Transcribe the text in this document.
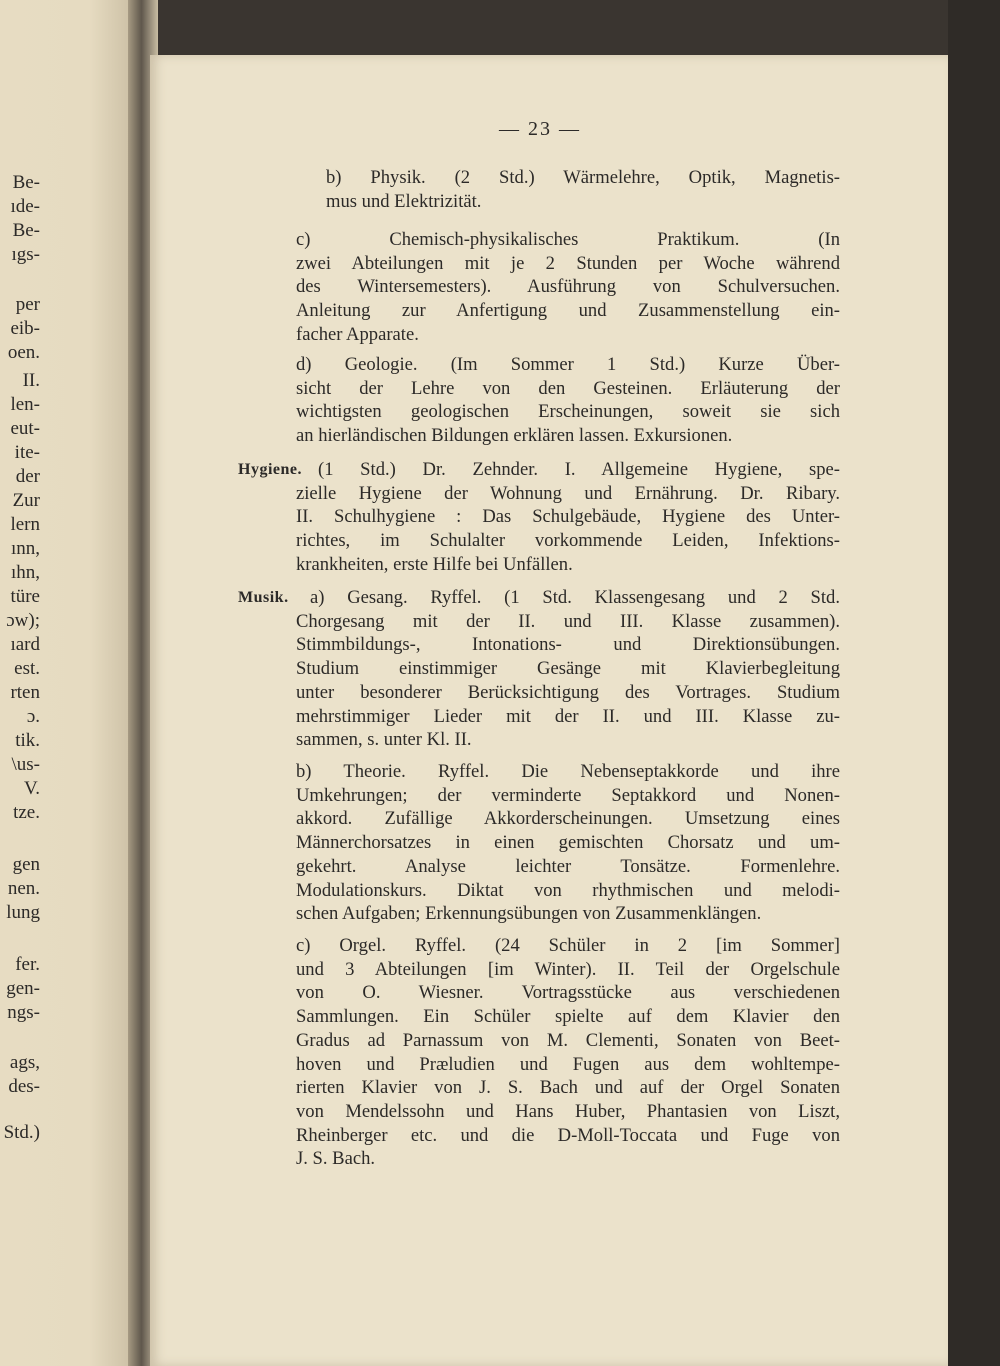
Be-
ıde-
Be-
ıgs-
per
eib-
oen.
II.
len-
eut-
ite-
der
Zur
lern
ınn,
ıhn,
türe
ɔw);
ıard
est.
rten
ɔ.
tik.
\us-
V.
tze.
gen
nen.
lung
fer.
gen-
ngs-
ags,
des-
Std.)
— 23 —
b) Physik. (2 Std.) Wärmelehre, Optik, Magnetis-
mus und Elektrizität.
c) Chemisch-physikalisches Praktikum. (In
zwei Abteilungen mit je 2 Stunden per Woche während
des Wintersemesters). Ausführung von Schulversuchen.
Anleitung zur Anfertigung und Zusammenstellung ein-
facher Apparate.
d) Geologie. (Im Sommer 1 Std.) Kurze Über-
sicht der Lehre von den Gesteinen. Erläuterung der
wichtigsten geologischen Erscheinungen, soweit sie sich
an hierländischen Bildungen erklären lassen. Exkursionen.
Hygiene. (1 Std.) Dr. Zehnder. I. Allgemeine Hygiene, spe-
zielle Hygiene der Wohnung und Ernährung. Dr. Ribary.
II. Schulhygiene : Das Schulgebäude, Hygiene des Unter-
richtes, im Schulalter vorkommende Leiden, Infektions-
krankheiten, erste Hilfe bei Unfällen.
Musik. a) Gesang. Ryffel. (1 Std. Klassengesang und 2 Std.
Chorgesang mit der II. und III. Klasse zusammen).
Stimmbildungs-, Intonations- und Direktionsübungen.
Studium einstimmiger Gesänge mit Klavierbegleitung
unter besonderer Berücksichtigung des Vortrages. Studium
mehrstimmiger Lieder mit der II. und III. Klasse zu-
sammen, s. unter Kl. II.
b) Theorie. Ryffel. Die Nebenseptakkorde und ihre
Umkehrungen; der verminderte Septakkord und Nonen-
akkord. Zufällige Akkorderscheinungen. Umsetzung eines
Männerchorsatzes in einen gemischten Chorsatz und um-
gekehrt. Analyse leichter Tonsätze. Formenlehre.
Modulationskurs. Diktat von rhythmischen und melodi-
schen Aufgaben; Erkennungsübungen von Zusammenklängen.
c) Orgel. Ryffel. (24 Schüler in 2 [im Sommer]
und 3 Abteilungen [im Winter). II. Teil der Orgelschule
von O. Wiesner. Vortragsstücke aus verschiedenen
Sammlungen. Ein Schüler spielte auf dem Klavier den
Gradus ad Parnassum von M. Clementi, Sonaten von Beet-
hoven und Præludien und Fugen aus dem wohltempe-
rierten Klavier von J. S. Bach und auf der Orgel Sonaten
von Mendelssohn und Hans Huber, Phantasien von Liszt,
Rheinberger etc. und die D-Moll-Toccata und Fuge von
J. S. Bach.
